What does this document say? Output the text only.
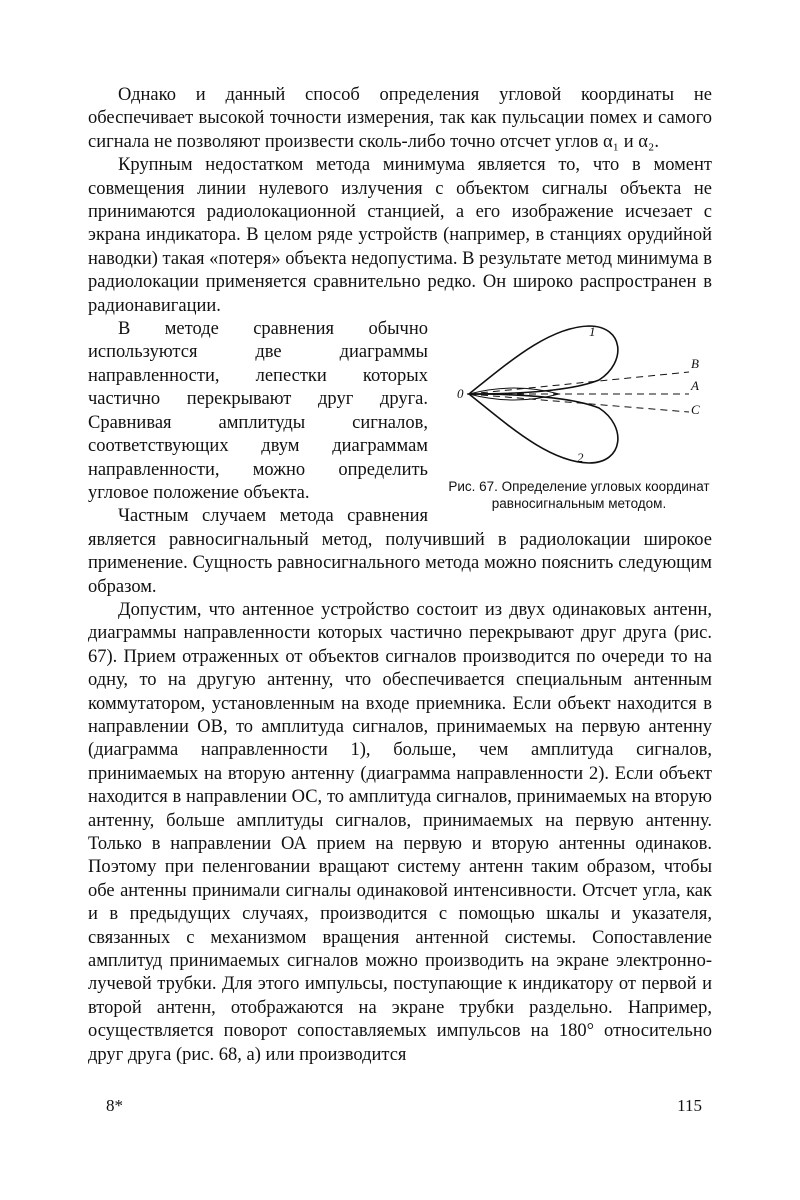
Однако и данный способ определения угловой координаты не обеспечивает высокой точности измерения, так как пульсации помех и самого сигнала не позволяют произвести сколь-либо точно отсчет углов α₁ и α₂.

Крупным недостатком метода минимума является то, что в момент совмещения линии нулевого излучения с объектом сигналы объекта не принимаются радиолокационной станцией, а его изображение исчезает с экрана индикатора. В целом ряде устройств (например, в станциях орудийной наводки) такая «потеря» объекта недопустима. В результате метод минимума в радиолокации применяется сравнительно редко. Он широко распространен в радионавигации.

0
1
2
B
A
C
Рис. 67. Определение угловых координат равносигнальным методом.

В методе сравнения обычно используются две диаграммы направленности, лепестки которых частично перекрывают друг друга. Сравнивая амплитуды сигналов, соответствующих двум диаграммам направленности, можно определить угловое положение объекта.

Частным случаем метода сравнения является равносигнальный метод, получивший в радиолокации широкое применение. Сущность равносигнального метода можно пояснить следующим образом.

Допустим, что антенное устройство состоит из двух одинаковых антенн, диаграммы направленности которых частично перекрывают друг друга (рис. 67). Прием отраженных от объектов сигналов производится по очереди то на одну, то на другую антенну, что обеспечивается специальным антенным коммутатором, установленным на входе приемника. Если объект находится в направлении ОВ, то амплитуда сигналов, принимаемых на первую антенну (диаграмма направленности 1), больше, чем амплитуда сигналов, принимаемых на вторую антенну (диаграмма направленности 2). Если объект находится в направлении ОС, то амплитуда сигналов, принимаемых на вторую антенну, больше амплитуды сигналов, принимаемых на первую антенну. Только в направлении ОА прием на первую и вторую антенны одинаков. Поэтому при пеленговании вращают систему антенн таким образом, чтобы обе антенны принимали сигналы одинаковой интенсивности. Отсчет угла, как и в предыдущих случаях, производится с помощью шкалы и указателя, связанных с механизмом вращения антенной системы. Сопоставление амплитуд принимаемых сигналов можно производить на экране электронно-лучевой трубки. Для этого импульсы, поступающие к индикатору от первой и второй антенн, отображаются на экране трубки раздельно. Например, осуществляется поворот сопоставляемых импульсов на 180° относительно друг друга (рис. 68, а) или производится

8*	115
